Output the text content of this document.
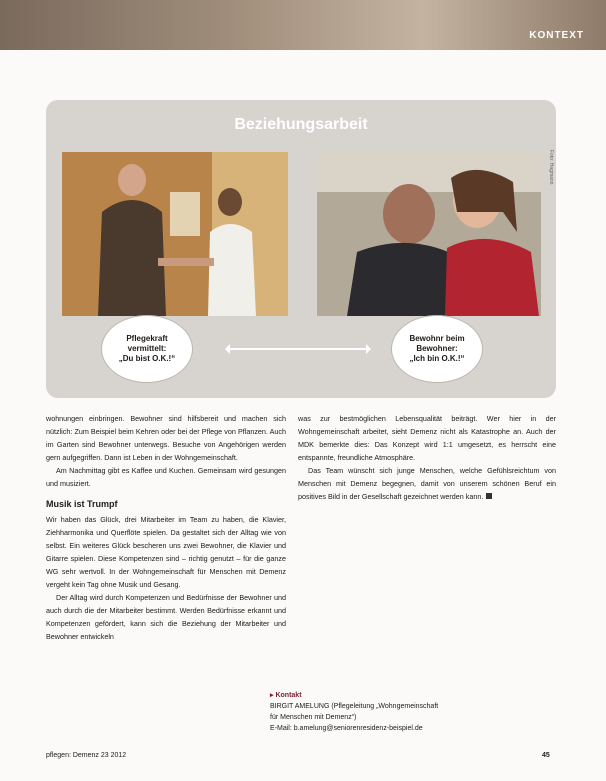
KONTEXT
Beziehungsarbeit
Pflegekraft
vermittelt:
„Du bist O.K.!“
Bewohnr beim
Bewohner:
„Ich bin O.K.!“
Foto: Hagmann

wohnungen einbringen. Bewohner sind hilfsbereit und machen sich nützlich: Zum Beispiel beim Kehren oder bei der Pflege von Pflanzen. Auch im Garten sind Bewohner unterwegs. Besuche von Angehörigen werden gern aufgegriffen. Dann ist Leben in der Wohngemeinschaft.

Am Nachmittag gibt es Kaffee und Kuchen. Gemeinsam wird gesungen und musiziert.

Musik ist Trumpf

Wir haben das Glück, drei Mitarbeiter im Team zu haben, die Klavier, Ziehharmonika und Querflöte spielen. Da gestaltet sich der Alltag wie von selbst. Ein weiteres Glück bescheren uns zwei Bewohner, die Klavier und Gitarre spielen. Diese Kompetenzen sind – richtig genutzt – für die ganze WG sehr wertvoll. In der Wohngemeinschaft für Menschen mit Demenz vergeht kein Tag ohne Musik und Gesang.

Der Alltag wird durch Kompetenzen und Bedürfnisse der Bewohner und auch durch die der Mitarbeiter bestimmt. Werden Bedürfnisse erkannt und Kompetenzen gefördert, kann sich die Beziehung der Mitarbeiter und Bewohner entwickeln

was zur bestmöglichen Lebensqualität beiträgt. Wer hier in der Wohngemeinschaft arbeitet, sieht Demenz nicht als Katastrophe an. Auch der MDK bemerkte dies: Das Konzept wird 1:1 umgesetzt, es herrscht eine entspannte, freundliche Atmosphäre.

Das Team wünscht sich junge Menschen, welche Gefühlsreichtum von Menschen mit Demenz begegnen, damit von unserem schönen Beruf ein positives Bild in der Gesellschaft gezeichnet werden kann.

▸ Kontakt
BIRGIT AMELUNG (Pflegeleitung „Wohngemeinschaft
für Menschen mit Demenz“)
E-Mail: b.amelung@seniorenresidenz-beispiel.de
pflegen: Demenz 23 2012	45
